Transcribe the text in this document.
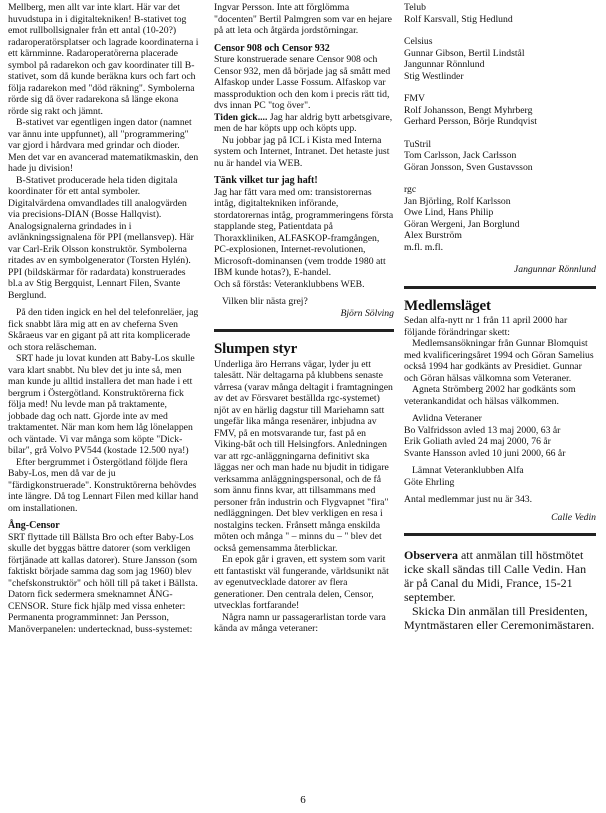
Mellberg, men allt var inte klart. Här var det huvudstupa in i digitaltekniken! B-stativet tog emot rullbollsignaler från ett antal (10-20?) radaroperatörsplatser och lagrade koordinaterna i ett kärnminne. Radaroperatörerna placerade symbol på radarekon och gav koordinater till B-stativet, som då kunde beräkna kurs och fart och följa radarekon med "död räkning". Symbolerna rörde sig då över radarekona så länge ekona rörde sig rakt och jämnt.

B-stativet var egentligen ingen dator (namnet var ännu inte uppfunnet), all "programmering" var gjord i hårdvara med grindar och dioder. Men det var en avancerad matematikmaskin, den hade ju division!

B-Stativet producerade hela tiden digitala koordinater för ett antal symboler. Digitalvärdena omvandlades till analogvärden via precisions-DIAN (Bosse Hallqvist). Analogsignalerna grindades in i avlänkningssignalena för PPI (mellansvep). Här var Carl-Erik Olsson konstruktör. Symbolerna ritades av en symbolgenerator (Torsten Hylén). PPI (bildskärmar för radardata) konstruerades bl.a av Stig Bergquist, Lennart Filen, Svante Berglund.

På den tiden ingick en hel del telefonreläer, jag fick snabbt lära mig att en av cheferna Sven Skåraeus var en gigant på att rita komplicerade och stora reläscheman.

SRT hade ju lovat kunden att Baby-Los skulle vara klart snabbt. Nu blev det ju inte så, men man kunde ju alltid installera det man hade i ett bergrum i Östergötland. Konstruktörerna fick följa med! Nu levde man på traktamente, jobbade dag och natt. Gjorde inte av med traktamentet. När man kom hem låg lönelappen och väntade. Vi var många som köpte "Dick-bilar", grå Volvo PV544 (kostade 12.500 nya!)

Efter bergrummet i Östergötland följde flera Baby-Los, men då var de ju "färdigkonstruerade". Konstruktörerna behövdes inte längre. Då tog Lennart Filen med killar hand om installationen.

Ång-Censor

SRT flyttade till Bällsta Bro och efter Baby-Los skulle det byggas bättre datorer (som verkligen förtjänade att kallas datorer). Sture Jansson (som faktiskt började samma dag som jag 1960) blev "chefskonstruktör" och höll till på taket i Bällsta. Datorn fick sedermera smeknamnet ÅNG-CENSOR. Sture fick hjälp med vissa enheter: Permanenta programminnet: Jan Persson, Manöverpanelen: undertecknad, buss-systemet:

Ingvar Persson. Inte att förglömma "docenten" Bertil Palmgren som var en hejare på att leta och åtgärda jordstörningar.

Censor 908 och Censor 932

Sture konstruerade senare Censor 908 och Censor 932, men då började jag så smått med Alfaskop under Lasse Fossum. Alfaskop var massproduktion och den kom i precis rätt tid, dvs innan PC "tog över".

Tiden gick.... Jag har aldrig bytt arbetsgivare, men de har köpts upp och köpts upp.

Nu jobbar jag på ICL i Kista med Interna system och Internet, Intranet. Det hetaste just nu är handel via WEB.

Tänk vilket tur jag haft!

Jag har fått vara med om: transistorernas intåg, digitaltekniken införande, stordatorernas intåg, programmeringens första stapplande steg, Patientdata på Thoraxkliniken, ALFASKOP-framgången, PC-explosionen, Internet-revolutionen, Microsoft-dominansen (vem trodde 1980 att IBM kunde hotas?), E-handel.

Och så förstås: Veteranklubbens WEB.

Vilken blir nästa grej?

Björn Sölving

Slumpen styr

Underliga äro Herrans vägar, lyder ju ett talesätt. När deltagarna på klubbens senaste vårresa (varav många deltagit i framtagningen av det av Försvaret beställda rgc-systemet) njöt av en härlig dagstur till Mariehamn satt ungefär lika många resenärer, inbjudna av FMV, på en motsvarande tur, fast på en Viking-båt och till Helsingfors. Anledningen var att rgc-anläggningarna definitivt ska läggas ner och man hade nu bjudit in tidigare verksamma anläggningspersonal, och de få som ännu finns kvar, att tillsammans med personer från industrin och Flygvapnet "fira" nedläggningen. Det blev verkligen en resa i nostalgins tecken. Frånsett många enskilda möten och många " – minns du – " blev det också gemensamma återblickar.

En epok går i graven, ett system som varit ett fantastiskt väl fungerande, världsunikt nät av egenutvecklade datorer av flera generationer. Den centrala delen, Censor, utvecklas fortfarande!

Några namn ur passagerarlistan torde vara kända av många veteraner:

Telub

Rolf Karsvall, Stig Hedlund

Celsius

Gunnar Gibson, Bertil Lindstål

Jangunnar Rönnlund

Stig Westlinder

FMV

Rolf Johansson, Bengt Myhrberg

Gerhard Persson, Börje Rundqvist

TuStril

Tom Carlsson, Jack Carlsson

Göran Jonsson, Sven Gustavsson

rgc

Jan Björling, Rolf Karlsson

Owe Lind, Hans Philip

Göran Wergeni, Jan Borglund

Alex Burström

m.fl. m.fl.

Jangunnar Rönnlund

Medlemsläget

Sedan alfa-nytt nr 1 från 11 april 2000 har följande förändringar skett:

Medlemsansökningar från Gunnar Blomquist med kvalificeringsåret 1994 och Göran Samelius också 1994 har godkänts av Presidiet. Gunnar och Göran hälsas välkomna som Veteraner.

Agneta Strömberg 2002 har godkänts som veterankandidat och hälsas välkommen.

Avlidna Veteraner

Bo Valfridsson avled 13 maj 2000, 63 år

Erik Goliath avled 24 maj 2000, 76 år

Svante Hansson avled 10 juni 2000, 66 år

Lämnat Veteranklubben Alfa

Göte Ehrling

Antal medlemmar just nu är 343.

Calle Vedin

Observera att anmälan till höstmötet icke skall sändas till Calle Vedin. Han är på Canal du Midi, France, 15-21 september.

Skicka Din anmälan till Presidenten, Myntmästaren eller Ceremonimästaren.

6
